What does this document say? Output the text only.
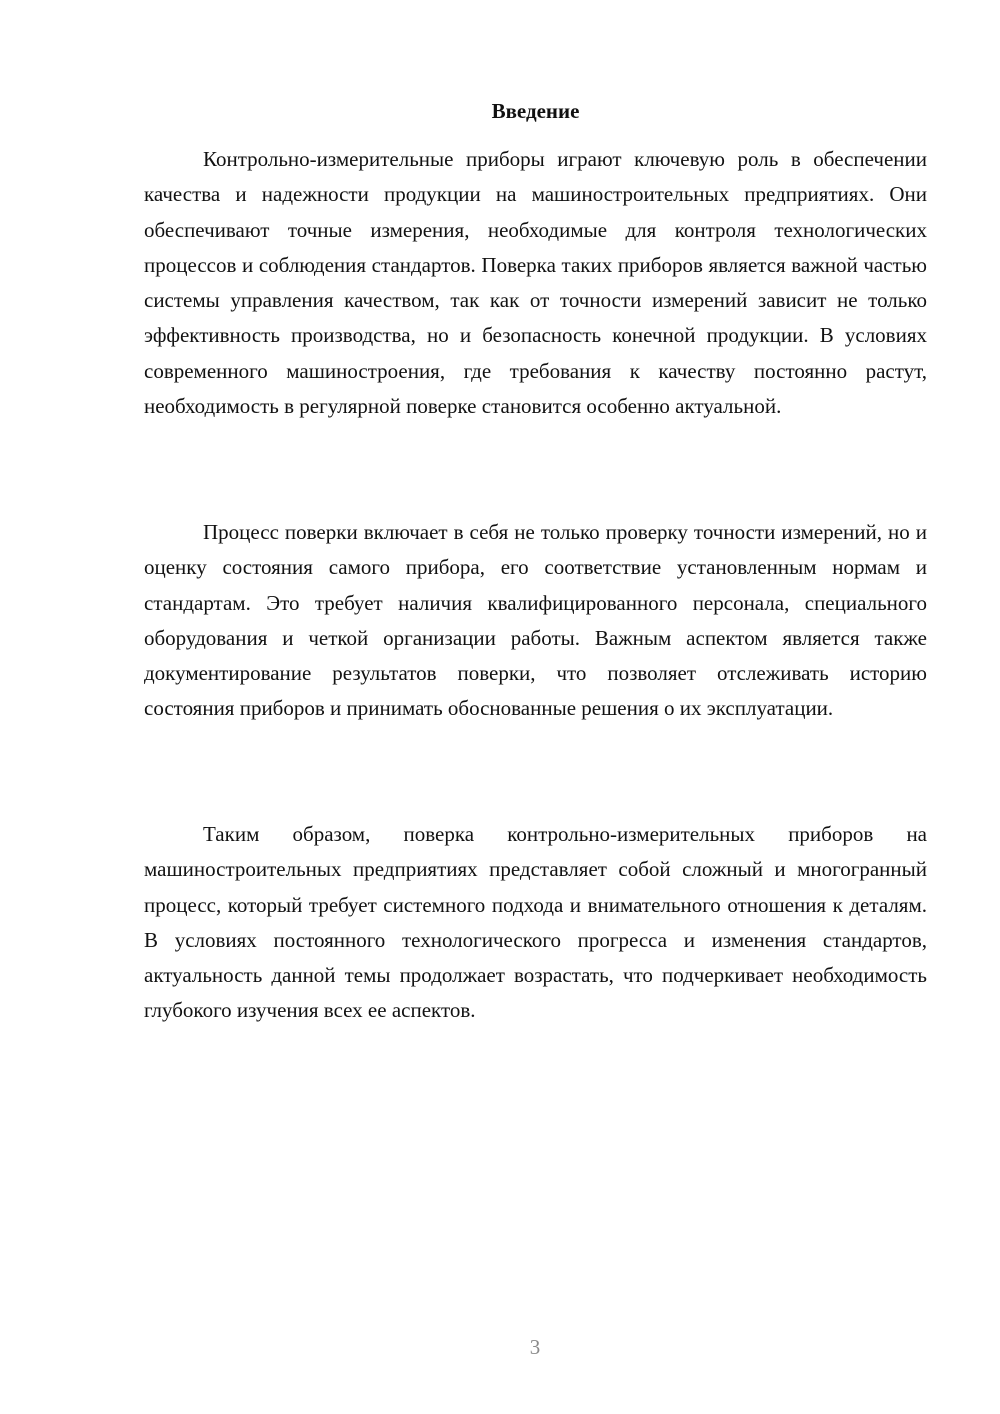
Введение

Контрольно-измерительные приборы играют ключевую роль в обеспечении качества и надежности продукции на машиностроительных предприятиях. Они обеспечивают точные измерения, необходимые для контроля технологических процессов и соблюдения стандартов. Поверка таких приборов является важной частью системы управления качеством, так как от точности измерений зависит не только эффективность производства, но и безопасность конечной продукции. В условиях современного машиностроения, где требования к качеству постоянно растут, необходимость в регулярной поверке становится особенно актуальной.

Процесс поверки включает в себя не только проверку точности измерений, но и оценку состояния самого прибора, его соответствие установленным нормам и стандартам. Это требует наличия квалифицированного персонала, специального оборудования и четкой организации работы. Важным аспектом является также документирование результатов поверки, что позволяет отслеживать историю состояния приборов и принимать обоснованные решения о их эксплуатации.

Таким образом, поверка контрольно-измерительных приборов на машиностроительных предприятиях представляет собой сложный и многогранный процесс, который требует системного подхода и внимательного отношения к деталям. В условиях постоянного технологического прогресса и изменения стандартов, актуальность данной темы продолжает возрастать, что подчеркивает необходимость глубокого изучения всех ее аспектов.

3
